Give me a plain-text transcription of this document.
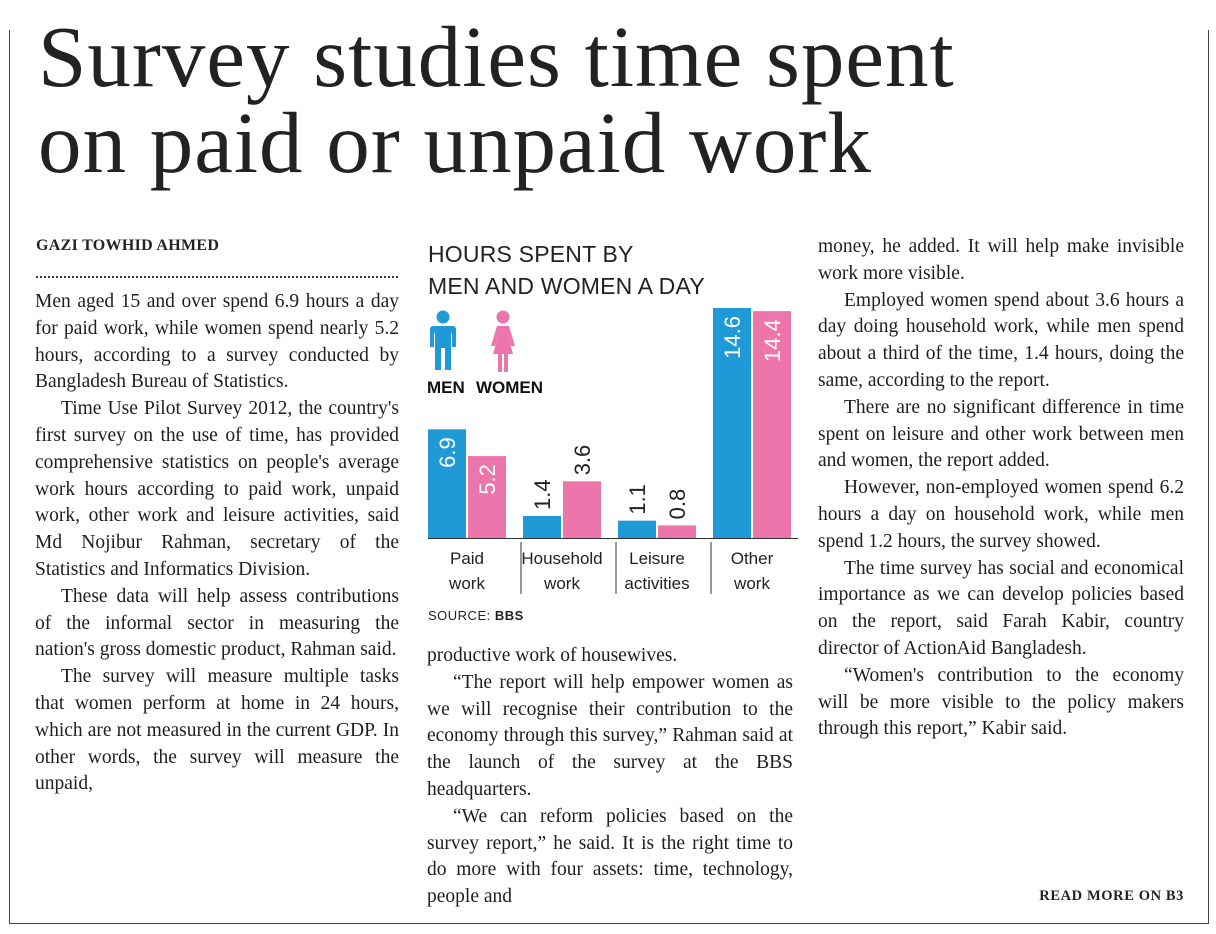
Survey studies time spent
on paid or unpaid work
GAZI TOWHID AHMED

Men aged 15 and over spend 6.9 hours a day for paid work, while women spend nearly 5.2 hours, according to a survey conducted by Bangladesh Bureau of Statistics.

Time Use Pilot Survey 2012, the country's first survey on the use of time, has provided comprehensive statistics on people's average work hours according to paid work, unpaid work, other work and leisure activities, said Md Nojibur Rahman, secretary of the Statistics and Informatics Division.

These data will help assess contributions of the informal sector in measuring the nation's gross domestic product, Rahman said.

The survey will measure multiple tasks that women perform at home in 24 hours, which are not measured in the current GDP. In other words, the survey will measure the unpaid,

HOURS SPENT BY
MEN AND WOMEN A DAY
MEN WOMEN
6.9
5.2
Paid work
1.4
3.6
Household work
1.1 0.8
Leisure activities
14.6 14.4
Other work
SOURCE: BBS

productive work of housewives.

“The report will help empower women as we will recognise their contribution to the economy through this survey,” Rahman said at the launch of the survey at the BBS headquarters.

“We can reform policies based on the survey report,” he said. It is the right time to do more with four assets: time, technology, people and

money, he added. It will help make invisible work more visible.

Employed women spend about 3.6 hours a day doing household work, while men spend about a third of the time, 1.4 hours, doing the same, according to the report.

There are no significant difference in time spent on leisure and other work between men and women, the report added.

However, non-employed women spend 6.2 hours a day on household work, while men spend 1.2 hours, the survey showed.

The time survey has social and economical importance as we can develop policies based on the report, said Farah Kabir, country director of ActionAid Bangladesh.

“Women's contribution to the economy will be more visible to the policy makers through this report,” Kabir said.

READ MORE ON B3
